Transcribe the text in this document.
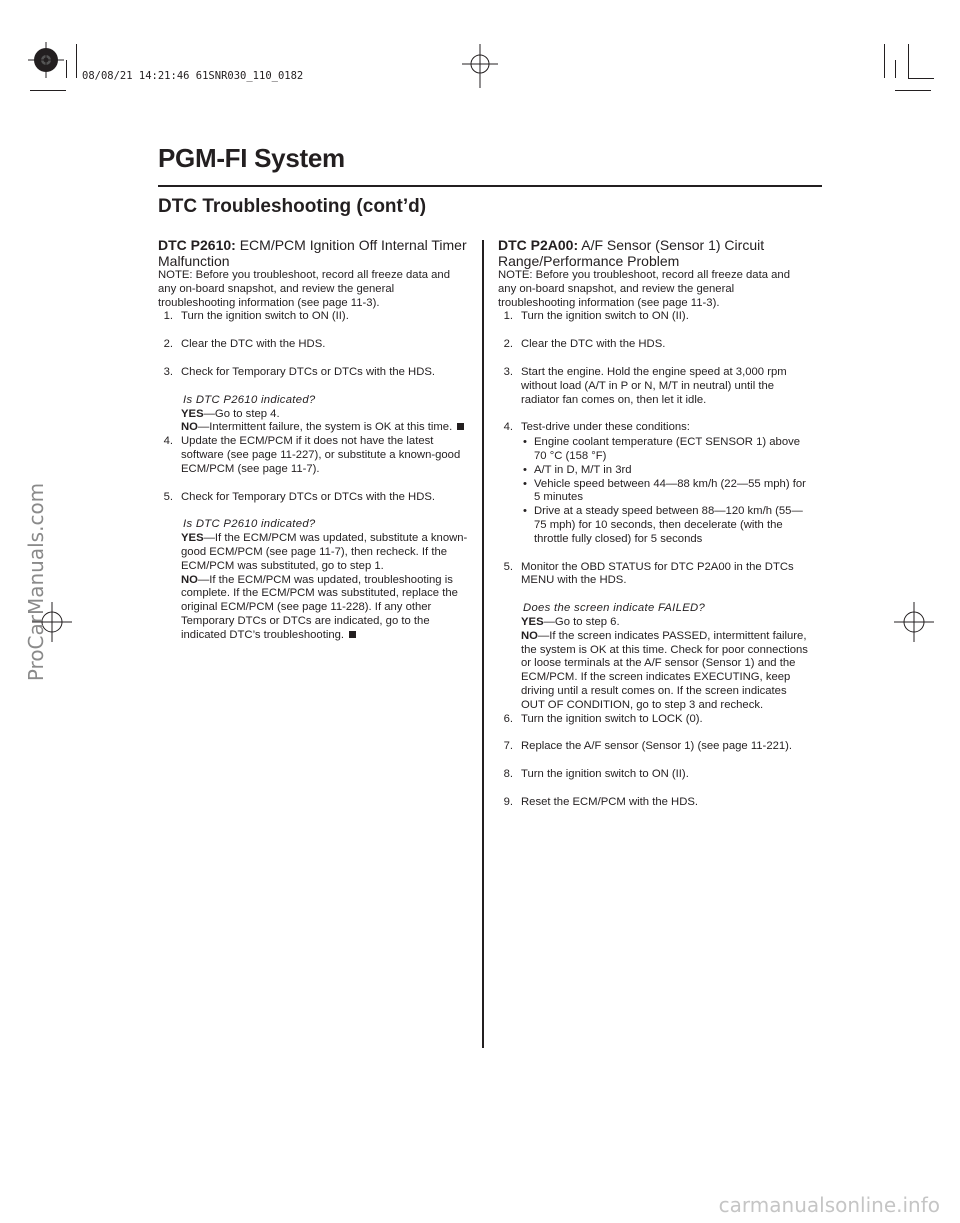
08/08/21 14:21:46 61SNR030_110_0182
ProCarManuals.com
PGM-FI System
DTC Troubleshooting (cont’d)

DTC P2610: ECM/PCM Ignition Off Internal Timer Malfunction

NOTE: Before you troubleshoot, record all freeze data and any on-board snapshot, and review the general troubleshooting information (see page 11-3).

1. Turn the ignition switch to ON (II).
2. Clear the DTC with the HDS.
3. Check for Temporary DTCs or DTCs with the HDS.

Is DTC P2610 indicated?

YES—Go to step 4.

NO—Intermittent failure, the system is OK at this time.

4. Update the ECM/PCM if it does not have the latest software (see page 11-227), or substitute a known-good ECM/PCM (see page 11-7).
5. Check for Temporary DTCs or DTCs with the HDS.

Is DTC P2610 indicated?

YES—If the ECM/PCM was updated, substitute a known-good ECM/PCM (see page 11-7), then recheck. If the ECM/PCM was substituted, go to step 1.

NO—If the ECM/PCM was updated, troubleshooting is complete. If the ECM/PCM was substituted, replace the original ECM/PCM (see page 11-228). If any other Temporary DTCs or DTCs are indicated, go to the indicated DTC’s troubleshooting.

DTC P2A00: A/F Sensor (Sensor 1) Circuit Range/Performance Problem

NOTE: Before you troubleshoot, record all freeze data and any on-board snapshot, and review the general troubleshooting information (see page 11-3).

1. Turn the ignition switch to ON (II).
2. Clear the DTC with the HDS.
3. Start the engine. Hold the engine speed at 3,000 rpm without load (A/T in P or N, M/T in neutral) until the radiator fan comes on, then let it idle.
4. Test-drive under these conditions:
• Engine coolant temperature (ECT SENSOR 1) above 70 °C (158 °F)
• A/T in D, M/T in 3rd
• Vehicle speed between 44—88 km/h (22—55 mph) for 5 minutes
• Drive at a steady speed between 88—120 km/h (55—75 mph) for 10 seconds, then decelerate (with the throttle fully closed) for 5 seconds
5. Monitor the OBD STATUS for DTC P2A00 in the DTCs MENU with the HDS.

Does the screen indicate FAILED?

YES—Go to step 6.

NO—If the screen indicates PASSED, intermittent failure, the system is OK at this time. Check for poor connections or loose terminals at the A/F sensor (Sensor 1) and the ECM/PCM. If the screen indicates EXECUTING, keep driving until a result comes on. If the screen indicates OUT OF CONDITION, go to step 3 and recheck.

6. Turn the ignition switch to LOCK (0).
7. Replace the A/F sensor (Sensor 1) (see page 11-221).
8. Turn the ignition switch to ON (II).
9. Reset the ECM/PCM with the HDS.
carmanualsonline.info
